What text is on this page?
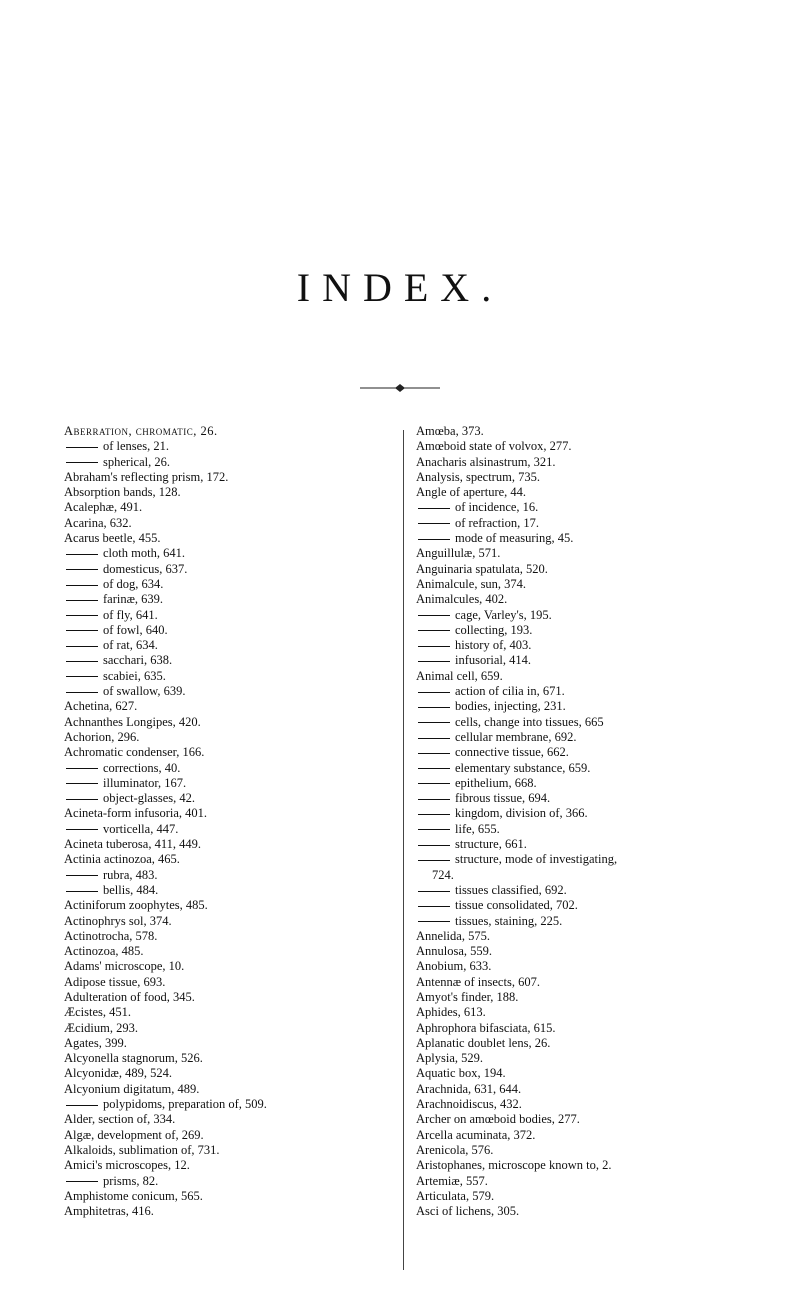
INDEX.
Aberration, chromatic, 26.
of lenses, 21.
spherical, 26.
Abraham's reflecting prism, 172.
Absorption bands, 128.
Acalephæ, 491.
Acarina, 632.
Acarus beetle, 455.
cloth moth, 641.
domesticus, 637.
of dog, 634.
farinæ, 639.
of fly, 641.
of fowl, 640.
of rat, 634.
sacchari, 638.
scabiei, 635.
of swallow, 639.
Achetina, 627.
Achnanthes Longipes, 420.
Achorion, 296.
Achromatic condenser, 166.
corrections, 40.
illuminator, 167.
object-glasses, 42.
Acineta-form infusoria, 401.
vorticella, 447.
Acineta tuberosa, 411, 449.
Actinia actinozoa, 465.
rubra, 483.
bellis, 484.
Actiniforum zoophytes, 485.
Actinophrys sol, 374.
Actinotrocha, 578.
Actinozoa, 485.
Adams' microscope, 10.
Adipose tissue, 693.
Adulteration of food, 345.
Æcistes, 451.
Æcidium, 293.
Agates, 399.
Alcyonella stagnorum, 526.
Alcyonidæ, 489, 524.
Alcyonium digitatum, 489.
polypidoms, preparation of, 509.
Alder, section of, 334.
Algæ, development of, 269.
Alkaloids, sublimation of, 731.
Amici's microscopes, 12.
prisms, 82.
Amphistome conicum, 565.
Amphitetras, 416.
Amœba, 373.
Amœboid state of volvox, 277.
Anacharis alsinastrum, 321.
Analysis, spectrum, 735.
Angle of aperture, 44.
of incidence, 16.
of refraction, 17.
mode of measuring, 45.
Anguillulæ, 571.
Anguinaria spatulata, 520.
Animalcule, sun, 374.
Animalcules, 402.
cage, Varley's, 195.
collecting, 193.
history of, 403.
infusorial, 414.
Animal cell, 659.
action of cilia in, 671.
bodies, injecting, 231.
cells, change into tissues, 665
cellular membrane, 692.
connective tissue, 662.
elementary substance, 659.
epithelium, 668.
fibrous tissue, 694.
kingdom, division of, 366.
life, 655.
structure, 661.
structure, mode of investigating,
724.
tissues classified, 692.
tissue consolidated, 702.
tissues, staining, 225.
Annelida, 575.
Annulosa, 559.
Anobium, 633.
Antennæ of insects, 607.
Amyot's finder, 188.
Aphides, 613.
Aphrophora bifasciata, 615.
Aplanatic doublet lens, 26.
Aplysia, 529.
Aquatic box, 194.
Arachnida, 631, 644.
Arachnoidiscus, 432.
Archer on amœboid bodies, 277.
Arcella acuminata, 372.
Arenicola, 576.
Aristophanes, microscope known to, 2.
Artemiæ, 557.
Articulata, 579.
Asci of lichens, 305.
